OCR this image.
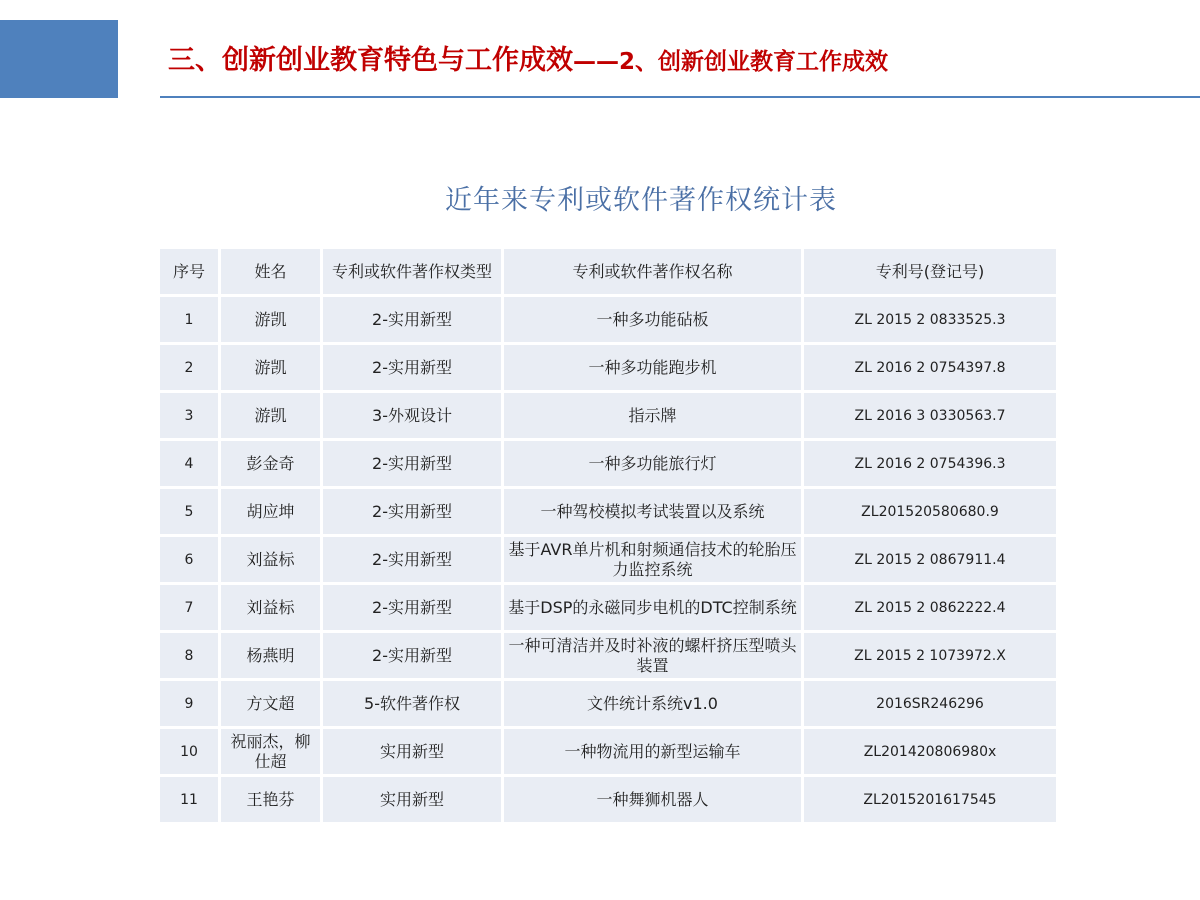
三、创新创业教育特色与工作成效——2、创新创业教育工作成效
近年来专利或软件著作权统计表
序号	姓名	专利或软件著作权类型	专利或软件著作权名称	专利号(登记号)
1	游凯	2-实用新型	一种多功能砧板	ZL 2015 2 0833525.3
2	游凯	2-实用新型	一种多功能跑步机	ZL 2016 2 0754397.8
3	游凯	3-外观设计	指示牌	ZL 2016 3 0330563.7
4	彭金奇	2-实用新型	一种多功能旅行灯	ZL 2016 2 0754396.3
5	胡应坤	2-实用新型	一种驾校模拟考试装置以及系统	ZL201520580680.9
6	刘益标	2-实用新型	基于AVR单片机和射频通信技术的轮胎压力监控系统	ZL 2015 2 0867911.4
7	刘益标	2-实用新型	基于DSP的永磁同步电机的DTC控制系统	ZL 2015 2 0862222.4
8	杨燕明	2-实用新型	一种可清洁并及时补液的螺杆挤压型喷头装置	ZL 2015 2 1073972.X
9	方文超	5-软件著作权	文件统计系统v1.0	2016SR246296
10	祝丽杰，柳仕超	实用新型	一种物流用的新型运输车	ZL201420806980x
11	王艳芬	实用新型	一种舞狮机器人	ZL2015201617545
